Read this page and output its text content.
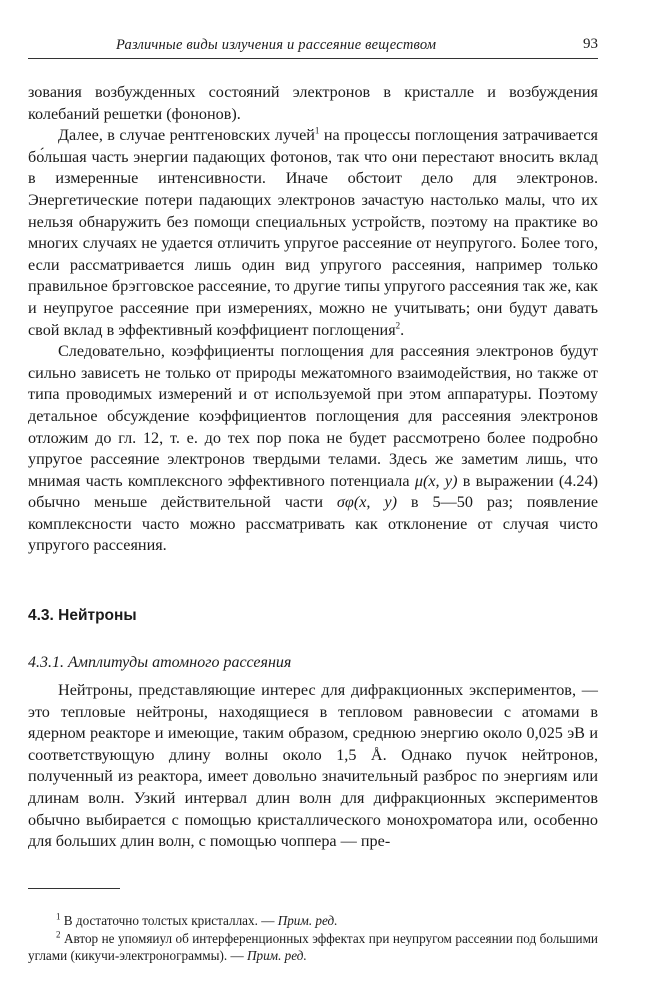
Различные виды излучения и рассеяние веществом	93

зования возбужденных состояний электронов в кристалле и возбуждения колебаний решетки (фононов).

Далее, в случае рентгеновских лучей$^1$ на процессы поглощения затрачивается бо́льшая часть энергии падающих фотонов, так что они перестают вносить вклад в измеренные интенсивности. Иначе обстоит дело для электронов. Энергетические потери падающих электронов зачастую настолько малы, что их нельзя обнаружить без помощи специальных устройств, поэтому на практике во многих случаях не удается отличить упругое рассеяние от неупругого. Более того, если рассматривается лишь один вид упругого рассеяния, например только правильное брэгговское рассеяние, то другие типы упругого рассеяния так же, как и неупругое рассеяние при измерениях, можно не учитывать; они будут давать свой вклад в эффективный коэффициент поглощения$^2$.

Следовательно, коэффициенты поглощения для рассеяния электронов будут сильно зависеть не только от природы межатомного взаимодействия, но также от типа проводимых измерений и от используемой при этом аппаратуры. Поэтому детальное обсуждение коэффициентов поглощения для рассеяния электронов отложим до гл. 12, т. е. до тех пор пока не будет рассмотрено более подробно упругое рассеяние электронов твердыми телами. Здесь же заметим лишь, что мнимая часть комплексного эффективного потенциала μ(x, y) в выражении (4.24) обычно меньше действительной части σφ(x, y) в 5—50 раз; появление комплексности часто можно рассматривать как отклонение от случая чисто упругого рассеяния.

4.3. Нейтроны
4.3.1. Амплитуды атомного рассеяния

Нейтроны, представляющие интерес для дифракционных экспериментов, — это тепловые нейтроны, находящиеся в тепловом равновесии с атомами в ядерном реакторе и имеющие, таким образом, среднюю энергию около 0,025 эВ и соответствующую длину волны около 1,5 Å. Однако пучок нейтронов, полученный из реактора, имеет довольно значительный разброс по энергиям или длинам волн. Узкий интервал длин волн для дифракционных экспериментов обычно выбирается с помощью кристаллического монохроматора или, особенно для больших длин волн, с помощью чоппера — пре-

$^1$ В достаточно толстых кристаллах. — Прим. ред.

$^2$ Автор не упомяиул об интерференционных эффектах при неупругом рассеянии под большими углами (кикучи-электронограммы). — Прим. ред.
